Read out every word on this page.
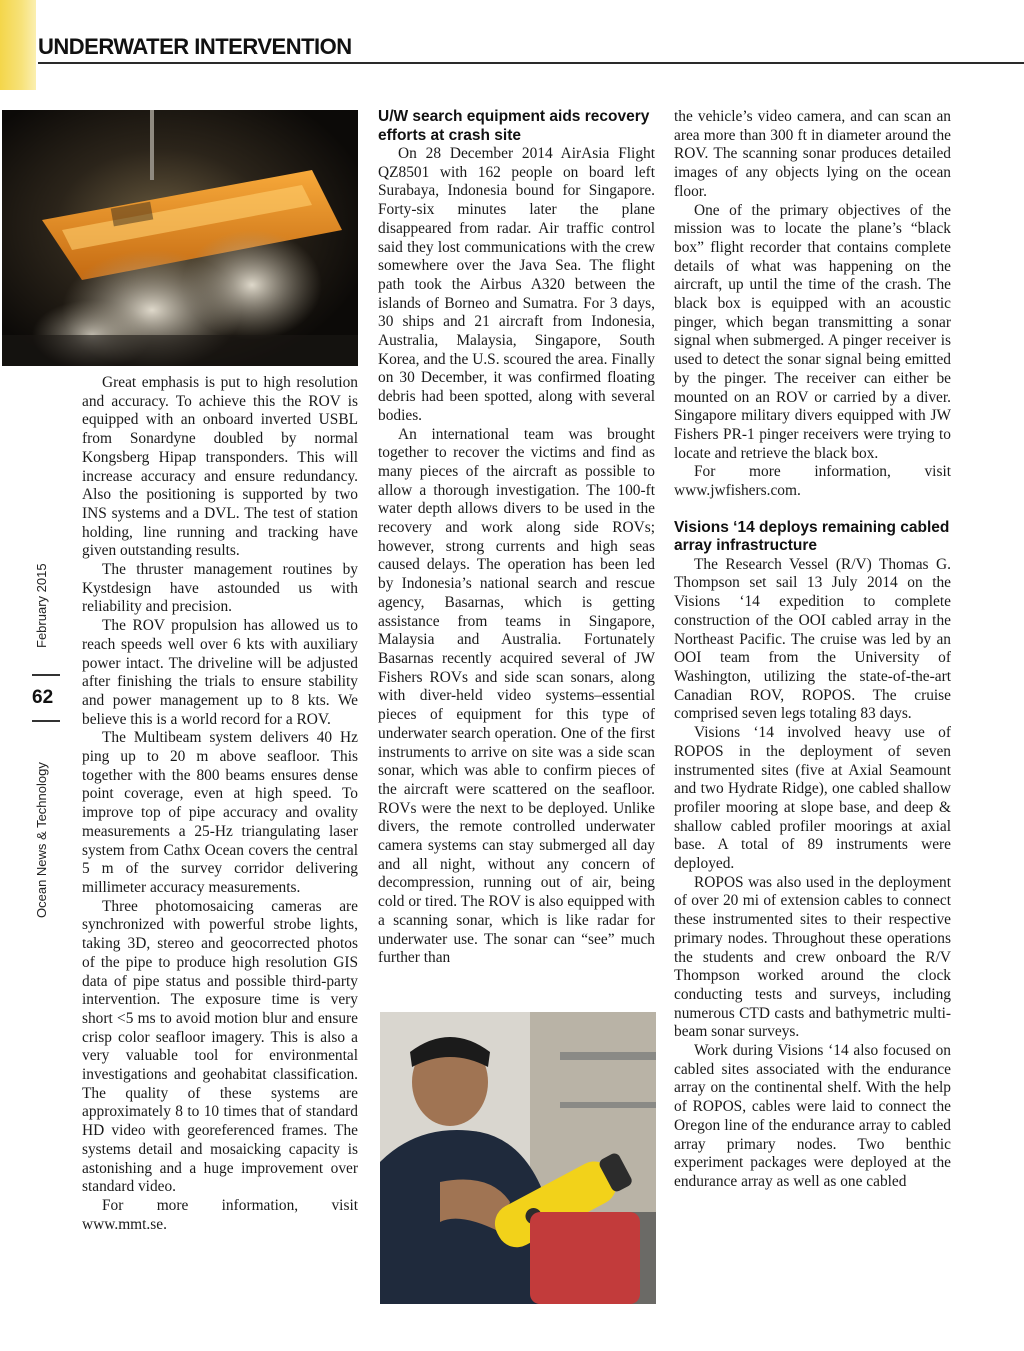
UNDERWATER INTERVENTION

Great emphasis is put to high resolution and accuracy. To achieve this the ROV is equipped with an onboard inverted USBL from Sonardyne doubled by normal Kongsberg Hipap transponders. This will increase accuracy and ensure redundancy. Also the positioning is supported by two INS systems and a DVL. The test of station holding, line running and tracking have given outstanding results.

The thruster management routines by Kystdesign have astounded us with reliability and precision.

The ROV propulsion has allowed us to reach speeds well over 6 kts with auxiliary power intact. The driveline will be adjusted after finishing the trials to ensure stability and power management up to 8 kts. We believe this is a world record for a ROV.

The Multibeam system delivers 40 Hz ping up to 20 m above seafloor. This together with the 800 beams ensures dense point coverage, even at high speed. To improve top of pipe accuracy and ovality measurements a 25-Hz triangulating laser system from Cathx Ocean covers the central 5 m of the survey corridor delivering millimeter accuracy measurements.

Three photomosaicing cameras are synchronized with powerful strobe lights, taking 3D, stereo and geocorrected photos of the pipe to produce high resolution GIS data of pipe status and possible third-party intervention. The exposure time is very short <5 ms to avoid motion blur and ensure crisp color seafloor imagery. This is also a very valuable tool for environmental investigations and geohabitat classification. The quality of these systems are approximately 8 to 10 times that of standard HD video with georeferenced frames. The systems detail and mosaicking capacity is astonishing and a huge improvement over standard video.

For more information, visit www.mmt.se.

February 2015
62
Ocean News & Technology
U/W search equipment aids recovery efforts at crash site

On 28 December 2014 AirAsia Flight QZ8501 with 162 people on board left Surabaya, Indonesia bound for Singapore. Forty-six minutes later the plane disappeared from radar. Air traffic control said they lost communications with the crew somewhere over the Java Sea. The flight path took the Airbus A320 between the islands of Borneo and Sumatra. For 3 days, 30 ships and 21 aircraft from Indonesia, Australia, Malaysia, Singapore, South Korea, and the U.S. scoured the area. Finally on 30 December, it was confirmed floating debris had been spotted, along with several bodies.

An international team was brought together to recover the victims and find as many pieces of the aircraft as possible to allow a thorough investigation. The 100-ft water depth allows divers to be used in the recovery and work along side ROVs; however, strong currents and high seas caused delays. The operation has been led by Indonesia’s national search and rescue agency, Basarnas, which is getting assistance from teams in Singapore, Malaysia and Australia. Fortunately Basarnas recently acquired several of JW Fishers ROVs and side scan sonars, along with diver-held video systems–essential pieces of equipment for this type of underwater search operation. One of the first instruments to arrive on site was a side scan sonar, which was able to confirm pieces of the aircraft were scattered on the seafloor. ROVs were the next to be deployed. Unlike divers, the remote controlled underwater camera systems can stay submerged all day and all night, without any concern of decompression, running out of air, being cold or tired. The ROV is also equipped with a scanning sonar, which is like radar for underwater use. The sonar can “see” much further than

the vehicle’s video camera, and can scan an area more than 300 ft in diameter around the ROV. The scanning sonar produces detailed images of any objects lying on the ocean floor.

One of the primary objectives of the mission was to locate the plane’s “black box” flight recorder that contains complete details of what was happening on the aircraft, up until the time of the crash. The black box is equipped with an acoustic pinger, which began transmitting a sonar signal when submerged. A pinger receiver is used to detect the sonar signal being emitted by the pinger. The receiver can either be mounted on an ROV or carried by a diver. Singapore military divers equipped with JW Fishers PR-1 pinger receivers were trying to locate and retrieve the black box.

For more information, visit www.jwfishers.com.

Visions ‘14 deploys remaining cabled array infrastructure

The Research Vessel (R/V) Thomas G. Thompson set sail 13 July 2014 on the Visions ‘14 expedition to complete construction of the OOI cabled array in the Northeast Pacific. The cruise was led by an OOI team from the University of Washington, utilizing the state-of-the-art Canadian ROV, ROPOS. The cruise comprised seven legs totaling 83 days.

Visions ‘14 involved heavy use of ROPOS in the deployment of seven instrumented sites (five at Axial Seamount and two Hydrate Ridge), one cabled shallow profiler mooring at slope base, and deep & shallow cabled profiler moorings at axial base. A total of 89 instruments were deployed.

ROPOS was also used in the deployment of over 20 mi of extension cables to connect these instrumented sites to their respective primary nodes. Throughout these operations the students and crew onboard the R/V Thompson worked around the clock conducting tests and surveys, including numerous CTD casts and bathymetric multi-beam sonar surveys.

Work during Visions ‘14 also focused on cabled sites associated with the endurance array on the continental shelf. With the help of ROPOS, cables were laid to connect the Oregon line of the endurance array to cabled array primary nodes. Two benthic experiment packages were deployed at the endurance array as well as one cabled
